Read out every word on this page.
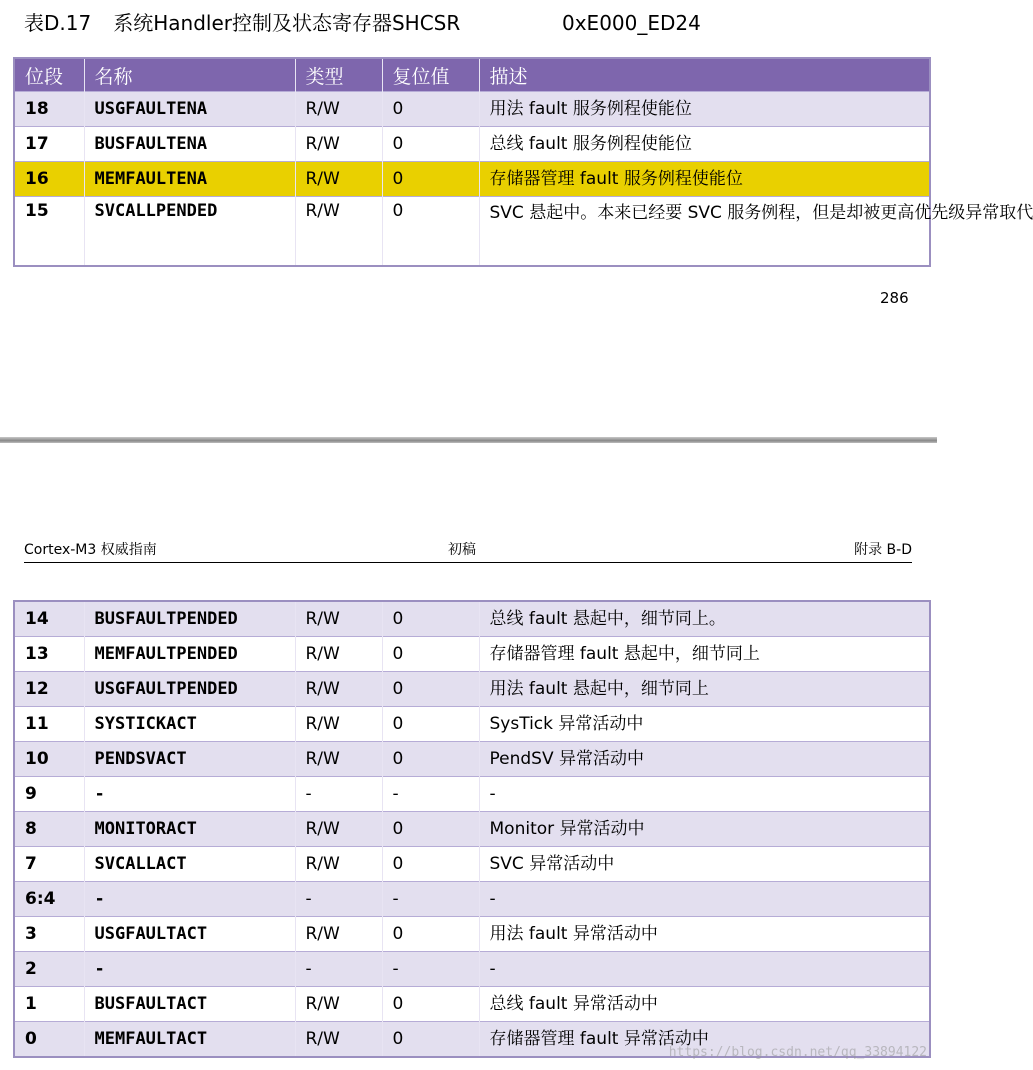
表D.17 系统Handler控制及状态寄存器SHCSR	0xE000_ED24
位段	名称	类型	复位值	描述
18	USGFAULTENA	R/W	0	用法 fault 服务例程使能位
17	BUSFAULTENA	R/W	0	总线 fault 服务例程使能位
16	MEMFAULTENA	R/W	0	存储器管理 fault 服务例程使能位
15	SVCALLPENDED	R/W	0	SVC 悬起中。本来已经要 SVC 服务例程，但是却被更高优先级异常取代
286
Cortex-M3 权威指南	初稿	附录 B-D
14	BUSFAULTPENDED	R/W	0	总线 fault 悬起中，细节同上。
13	MEMFAULTPENDED	R/W	0	存储器管理 fault 悬起中，细节同上
12	USGFAULTPENDED	R/W	0	用法 fault 悬起中，细节同上
11	SYSTICKACT	R/W	0	SysTick 异常活动中
10	PENDSVACT	R/W	0	PendSV 异常活动中
9	-	-	-	-
8	MONITORACT	R/W	0	Monitor 异常活动中
7	SVCALLACT	R/W	0	SVC 异常活动中
6:4	-	-	-	-
3	USGFAULTACT	R/W	0	用法 fault 异常活动中
2	-	-	-	-
1	BUSFAULTACT	R/W	0	总线 fault 异常活动中
0	MEMFAULTACT	R/W	0	存储器管理 fault 异常活动中
https://blog.csdn.net/qq_33894122
